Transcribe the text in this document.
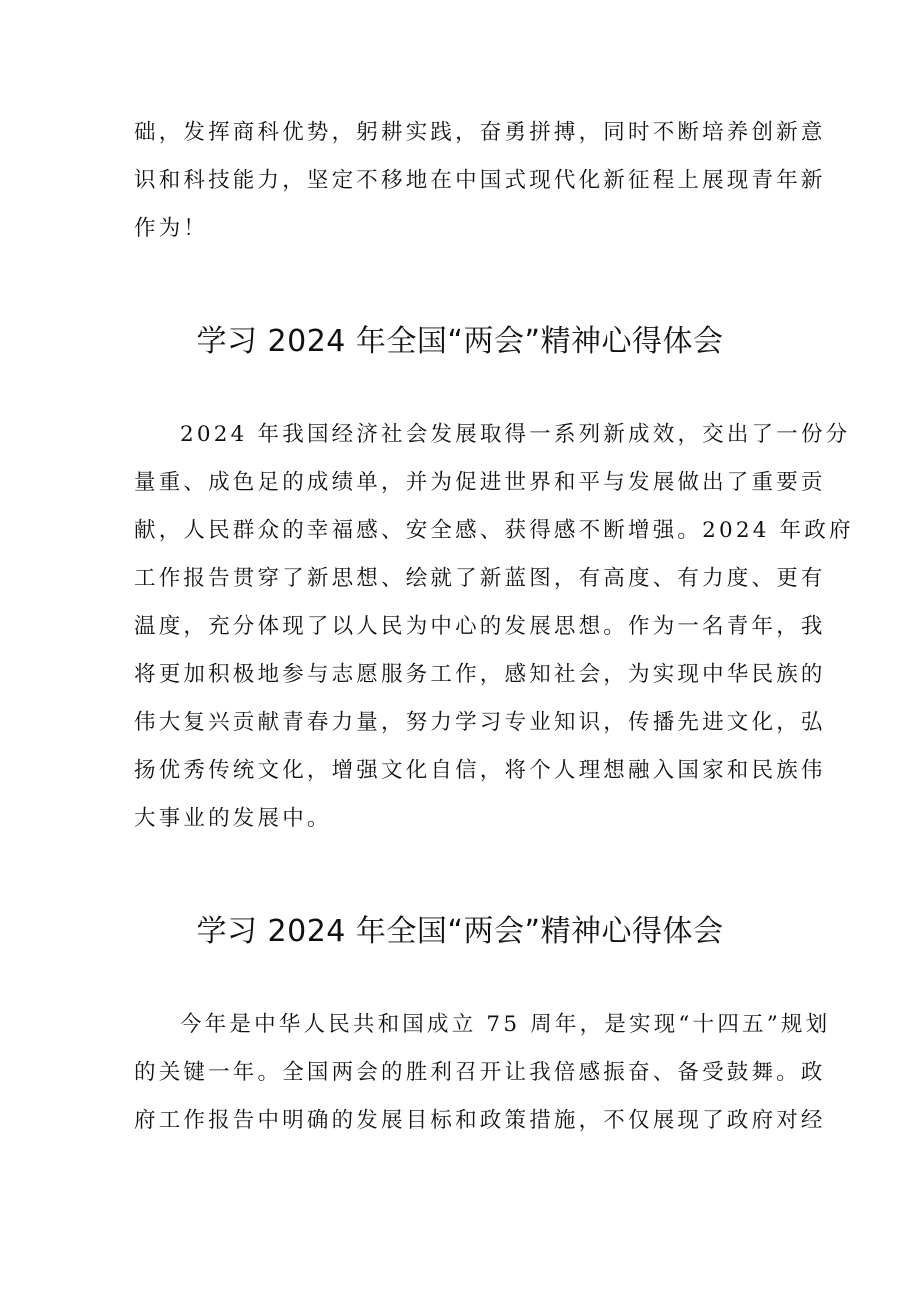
础，发挥商科优势，躬耕实践，奋勇拼搏，同时不断培养创新意
识和科技能力，坚定不移地在中国式现代化新征程上展现青年新
作为！
学习 2024 年全国“两会”精神心得体会
2024 年我国经济社会发展取得一系列新成效，交出了一份分
量重、成色足的成绩单，并为促进世界和平与发展做出了重要贡
献，人民群众的幸福感、安全感、获得感不断增强。2024 年政府
工作报告贯穿了新思想、绘就了新蓝图，有高度、有力度、更有
温度，充分体现了以人民为中心的发展思想。作为一名青年，我
将更加积极地参与志愿服务工作，感知社会，为实现中华民族的
伟大复兴贡献青春力量，努力学习专业知识，传播先进文化，弘
扬优秀传统文化，增强文化自信，将个人理想融入国家和民族伟
大事业的发展中。
学习 2024 年全国“两会”精神心得体会
今年是中华人民共和国成立 75 周年，是实现“十四五”规划
的关键一年。全国两会的胜利召开让我倍感振奋、备受鼓舞。政
府工作报告中明确的发展目标和政策措施，不仅展现了政府对经
